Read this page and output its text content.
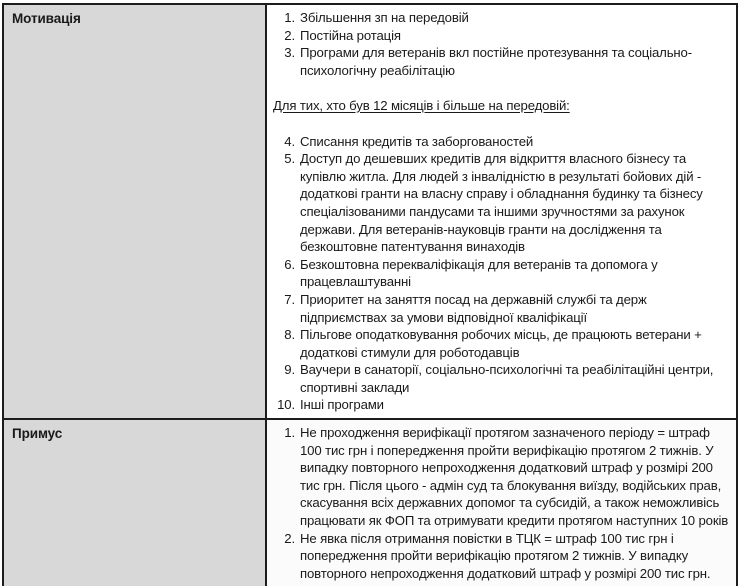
Мотивація	1. Збільшення зп на передовій
2. Постійна ротація
3. Програми для ветеранів вкл постійне протезування та соціально-психологічну реабілітацію
Для тих, хто був 12 місяців і більше на передовій:
4. Списання кредитів та заборгованостей
5. Доступ до дешевших кредитів для відкриття власного бізнесу та купівлю житла. Для людей з інвалідністю в результаті бойових дій - додаткові гранти на власну справу і обладнання будинку та бізнесу спеціалізованими пандусами та іншими зручностями за рахунок держави. Для ветеранів-науковців гранти на дослідження та безкоштовне патентування винаходів
6. Безкоштовна перекваліфікація для ветеранів та допомога у працевлаштуванні
7. Приоритет на заняття посад на державній службі та держ підприємствах за умови відповідної кваліфікації
8. Пільгове оподатковування робочих місць, де працюють ветерани + додаткові стимули для роботодавців
9. Ваучери в санаторії, соціально-психологічні та реабілітаційні центри, спортивні заклади
10. Інші програми

Примус	1. Не проходження верифікації протягом зазначеного періоду = штраф 100 тис грн і попередження пройти верифікацію протягом 2 тижнів. У випадку повторного непроходження додатковий штраф у розмірі 200 тис грн. Після цього - адмін суд та блокування виїзду, водійських прав, скасування всіх державних допомог та субсидій, а також неможливісь працювати як ФОП та отримувати кредити протягом наступних 10 років
2. Не явка після отримання повістки в ТЦК = штраф 100 тис грн і попередження пройти верифікацію протягом 2 тижнів. У випадку повторного непроходження додатковий штраф у розмірі 200 тис грн.
